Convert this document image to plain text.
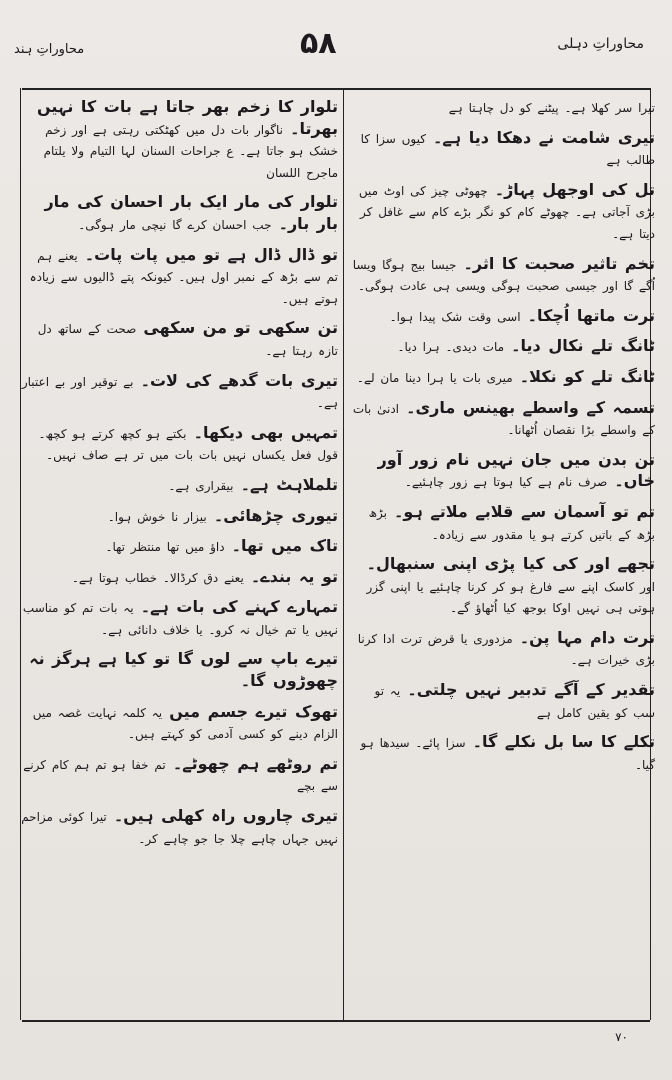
محاوراتِ دہلی
۵۸
محاوراتِ ہند
تیرا سر کھلا ہے۔ پیٹنے کو دل چاہتا ہے
تیری شامت نے دھکا دیا ہے۔ کیوں سزا کا طالب ہے
تل کی اوجھل پہاڑ۔ چھوٹی چیز کی اوٹ میں بڑی آجاتی ہے۔ چھوٹے کام کو نگر بڑے کام سے غافل کر دیتا ہے۔
تخم تاثیر صحبت کا اثر۔ جیسا بیج ہوگا ویسا اُگے گا اور جیسی صحبت ہوگی ویسی ہی عادت ہوگی۔
ترت ماتھا اُچکا۔ اسی وقت شک پیدا ہوا۔
ٹانگ تلے نکال دیا۔ مات دیدی۔ ہرا دیا۔
ٹانگ تلے کو نکلا۔ میری بات یا ہرا دینا مان لے۔
تسمہ کے واسطے بھینس ماری۔ ادنیٰ بات کے واسطے بڑا نقصان اُٹھانا۔
تن بدن میں جان نہیں نام زور آور خاں۔ صرف نام ہے کیا ہوتا ہے زور چاہئیے۔
تم تو آسمان سے قلابے ملاتے ہو۔ بڑھ بڑھ کے باتیں کرتے ہو یا مقدور سے زیادہ۔
تجھے اور کی کیا پڑی اپنی سنبھال۔ اور کاسک اپنے سے فارغ ہو کر کرنا چاہئیے یا اپنی گزر ہوتی ہی نہیں اوکا بوجھ کیا اُٹھاؤ گے۔
ترت دام مہا پن۔ مزدوری یا قرض ترت ادا کرنا بڑی خیرات ہے۔
تقدیر کے آگے تدبیر نہیں چلتی۔ یہ تو سب کو یقین کامل ہے
تکلے کا سا بل نکلے گا۔ سزا پائے۔ سیدھا ہو گیا۔
تلوار کا زخم بھر جاتا ہے بات کا نہیں بھرتا۔ ناگوار بات دل میں کھٹکتی رہتی ہے اور زخم خشک ہو جاتا ہے۔ ع جراحات السنان لہا التیام ولا یلتام ماجرح اللسان
تلوار کی مار ایک بار احسان کی مار بار بار۔ جب احسان کرے گا نیچی مار ہوگی۔
تو ڈال ڈال ہے تو میں پات پات۔ یعنے ہم تم سے بڑھ کے نمبر اول ہیں۔ کیونکہ پتے ڈالیوں سے زیادہ ہوتے ہیں۔
تن سکھی تو من سکھی صحت کے ساتھ دل تازہ رہتا ہے۔
تیری بات گدھے کی لات۔ بے توقیر اور بے اعتبار ہے۔
تمہیں بھی دیکھا۔ بکتے ہو کچھ کرتے ہو کچھ۔ قول فعل یکساں نہیں بات بات میں تر ہے صاف نہیں۔
تلملاہٹ ہے۔ بیقراری ہے۔
تیوری چڑھائی۔ بیزار نا خوش ہوا۔
تاک میں تھا۔ داؤ میں تھا منتظر تھا۔
تو یہ بندے۔ یعنے دق کرڈالا۔ خطاب ہوتا ہے۔
تمہارے کہنے کی بات ہے۔ یہ بات تم کو مناسب نہیں یا تم خیال نہ کرو۔ یا خلاف دانائی ہے۔
تیرے باپ سے لوں گا تو کیا ہے ہرگز نہ چھوڑوں گا۔
تھوک تیرے جسم میں یہ کلمہ نہایت غصہ میں الزام دینے کو کسی آدمی کو کہتے ہیں۔
تم روٹھے ہم چھوٹے۔ تم خفا ہو تم ہم کام کرنے سے بچے
تیری چاروں راہ کھلی ہیں۔ تیرا کوئی مزاحم نہیں جہاں چاہے چلا جا جو چاہے کر۔
۷۰
